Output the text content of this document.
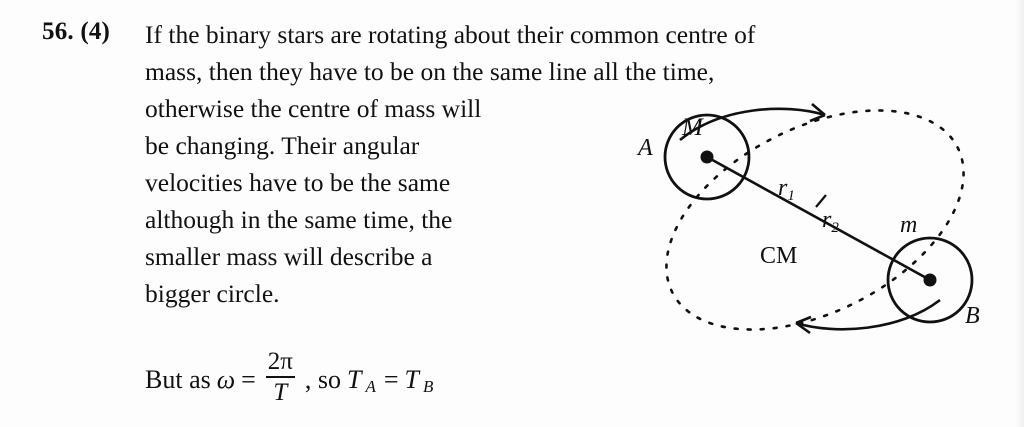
56. (4) If the binary stars are rotating about their common centre of
mass, then they have to be on the same line all the time,
otherwise the centre of mass will
be changing. Their angular
velocities have to be the same
although in the same time, the
smaller mass will describe a
bigger circle.
But as $\omega = \frac{2\pi}{T}$ , so T A = T B
A
M
$r_1$
$r_2$	m
CM
B
